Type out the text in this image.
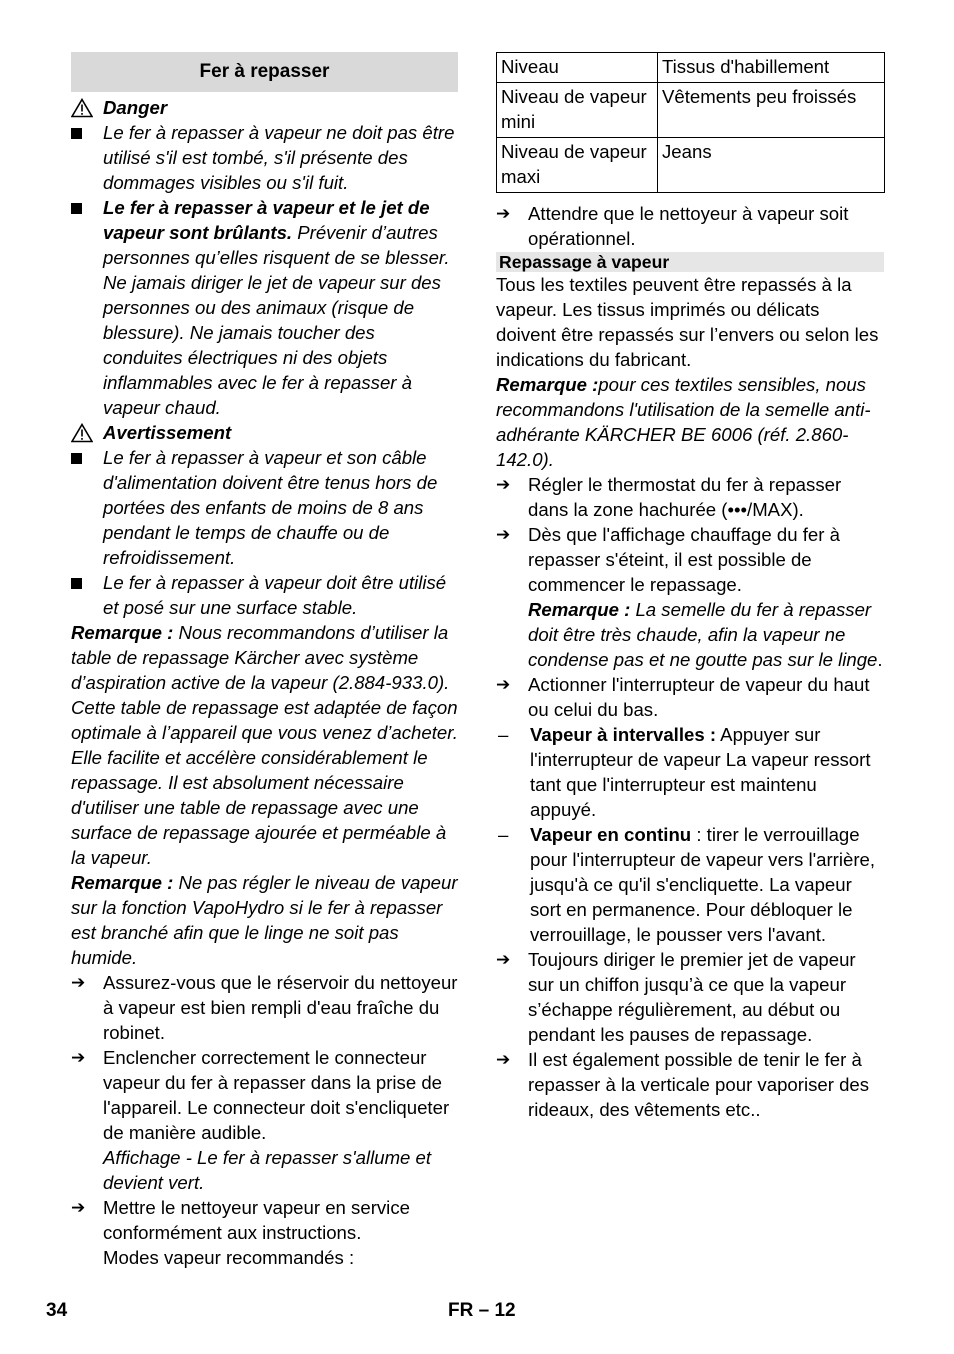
Fer à repasser
Danger
Le fer à repasser à vapeur ne doit pas être utilisé s'il est tombé, s'il présente des dommages visibles ou s'il fuit.
Le fer à repasser à vapeur et le jet de vapeur sont brûlants. Prévenir d’autres personnes qu’elles risquent de se blesser. Ne jamais diriger le jet de vapeur sur des personnes ou des animaux (risque de blessure). Ne jamais toucher des conduites électriques ni des objets inflammables avec le fer à repasser à vapeur chaud.
Avertissement
Le fer à repasser à vapeur et son câble d'alimentation doivent être tenus hors de portées des enfants de moins de 8 ans pendant le temps de chauffe ou de refroidissement.
Le fer à repasser à vapeur doit être utilisé et posé sur une surface stable.
Remarque : Nous recommandons d’utiliser la table de repassage Kärcher avec système d’aspiration active de la vapeur (2.884-933.0). Cette table de repassage est adaptée de façon optimale à l’appareil que vous venez d’acheter. Elle facilite et accélère considérablement le repassage. Il est absolument nécessaire d'utiliser une table de repassage avec une surface de repassage ajourée et perméable à la vapeur.
Remarque : Ne pas régler le niveau de vapeur sur la fonction VapoHydro si le fer à repasser est branché afin que le linge ne soit pas humide.
➔ Assurez-vous que le réservoir du nettoyeur à vapeur est bien rempli d'eau fraîche du robinet.
➔ Enclencher correctement le connecteur vapeur du fer à repasser dans la prise de l'appareil. Le connecteur doit s'encliqueter de manière audible.
Affichage - Le fer à repasser s'allume et devient vert.
➔ Mettre le nettoyeur vapeur en service conformément aux instructions.
Modes vapeur recommandés :
Niveau	Tissus d'habillement
Niveau de vapeur mini	Vêtements peu froissés
Niveau de vapeur maxi	Jeans
➔ Attendre que le nettoyeur à vapeur soit opérationnel.
Repassage à vapeur
Tous les textiles peuvent être repassés à la vapeur. Les tissus imprimés ou délicats doivent être repassés sur l’envers ou selon les indications du fabricant.
Remarque :pour ces textiles sensibles, nous recommandons l'utilisation de la semelle anti-adhérante KÄRCHER BE 6006 (réf. 2.860-142.0).
➔ Régler le thermostat du fer à repasser dans la zone hachurée (•••/MAX).
➔ Dès que l'affichage chauffage du fer à repasser s'éteint, il est possible de commencer le repassage.
Remarque : La semelle du fer à repasser doit être très chaude, afin la vapeur ne condense pas et ne goutte pas sur le linge.
➔ Actionner l'interrupteur de vapeur du haut ou celui du bas.
–	Vapeur à intervalles : Appuyer sur l'interrupteur de vapeur La vapeur ressort tant que l'interrupteur est maintenu appuyé.
–	Vapeur en continu : tirer le verrouillage pour l'interrupteur de vapeur vers l'arrière, jusqu'à ce qu'il s'encliquette. La vapeur sort en permanence. Pour débloquer le verrouillage, le pousser vers l'avant.
➔ Toujours diriger le premier jet de vapeur sur un chiffon jusqu’à ce que la vapeur s’échappe régulièrement, au début ou pendant les pauses de repassage.
➔ Il est également possible de tenir le fer à repasser à la verticale pour vaporiser des rideaux, des vêtements etc..
34	FR – 12
